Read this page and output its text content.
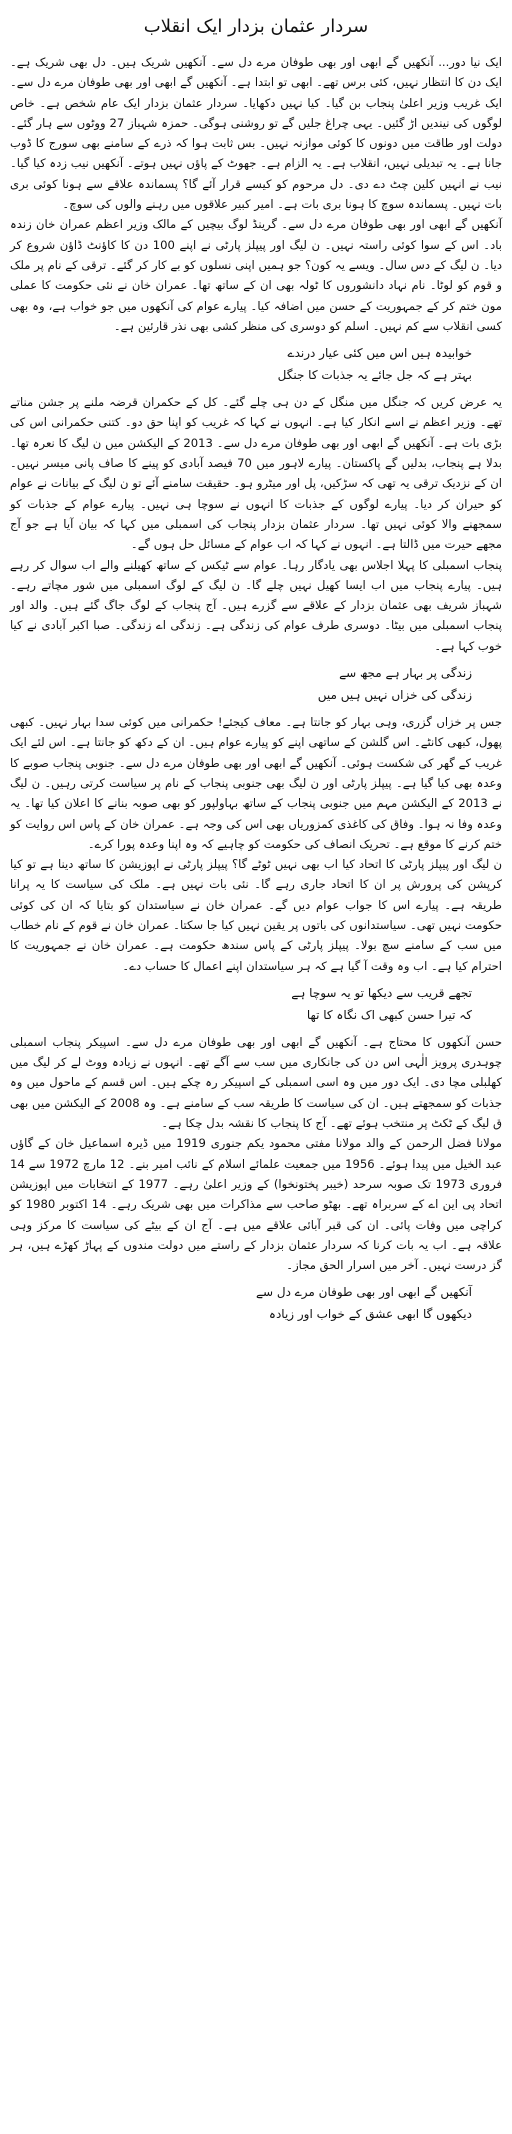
سردار عثمان بزدار ایک انقلاب

ایک نیا دور... آنکھیں گے ابھی اور بھی طوفان مرے دل سے۔ آنکھیں شریک ہیں۔ دل بھی شریک ہے۔ ایک دن کا انتظار نہیں، کئی برس تھے۔ ابھی تو ابتدا ہے۔ آنکھیں گے ابھی اور بھی طوفان مرے دل سے۔ ایک غریب وزیر اعلیٰ پنجاب بن گیا۔ کیا نہیں دکھایا۔ سردار عثمان بزدار ایک عام شخص ہے۔ خاص لوگوں کی نیندیں اڑ گئیں۔ یہی چراغ جلیں گے تو روشنی ہوگی۔ حمزہ شہباز 27 ووٹوں سے ہار گئے۔ دولت اور طاقت میں دونوں کا کوئی موازنہ نہیں۔ بس ثابت ہوا کہ ذرے کے سامنے بھی سورج کا ڈوب جانا ہے۔ یہ تبدیلی نہیں، انقلاب ہے۔ یہ الزام ہے۔ جھوٹ کے پاؤں نہیں ہوتے۔ آنکھیں نیب زدہ کیا گیا۔ نیب نے انہیں کلین چٹ دے دی۔ دل مرحوم کو کیسے قرار آئے گا؟ پسماندہ علاقے سے ہونا کوئی بری بات نہیں۔ پسماندہ سوچ کا ہونا بری بات ہے۔ امیر کبیر علاقوں میں رہنے والوں کی سوچ۔

آنکھیں گے ابھی اور بھی طوفان مرے دل سے۔ گرینڈ لوگ بیچیں کے مالک وزیر اعظم عمران خان زندہ باد۔ اس کے سوا کوئی راستہ نہیں۔ ن لیگ اور پیپلز پارٹی نے اپنے 100 دن کا کاؤنٹ ڈاؤن شروع کر دیا۔ ن لیگ کے دس سال۔ ویسے یہ کون؟ جو ہمیں اپنی نسلوں کو بے کار کر گئے۔ ترقی کے نام پر ملک و قوم کو لوٹا۔ نام نہاد دانشوروں کا ٹولہ بھی ان کے ساتھ تھا۔ عمران خان نے نئی حکومت کا عملی مون ختم کر کے جمہوریت کے حسن میں اضافہ کیا۔ پیارے عوام کی آنکھوں میں جو خواب ہے، وہ بھی کسی انقلاب سے کم نہیں۔ اسلم کو دوسری کی منظر کشی بھی نذر قارئین ہے۔

خوابیدہ ہیں اس میں کئی عیار درندے
بہتر ہے کہ جل جائے یہ جذبات کا جنگل

یہ عرض کریں کہ جنگل میں منگل کے دن ہی چلے گئے۔ کل کے حکمران قرضہ ملنے پر جشن مناتے تھے۔ وزیر اعظم نے اسے انکار کیا ہے۔ انہوں نے کہا کہ غریب کو اپنا حق دو۔ کتنی حکمرانی اس کی بڑی بات ہے۔ آنکھیں گے ابھی اور بھی طوفان مرے دل سے۔ 2013 کے الیکشن میں ن لیگ کا نعرہ تھا۔ بدلا ہے پنجاب، بدلیں گے پاکستان۔ پیارے لاہور میں 70 فیصد آبادی کو پینے کا صاف پانی میسر نہیں۔ ان کے نزدیک ترقی یہ تھی کہ سڑکیں، پل اور میٹرو ہو۔ حقیقت سامنے آئے تو ن لیگ کے بیانات نے عوام کو حیران کر دیا۔ پیارے لوگوں کے جذبات کا انہوں نے سوچا ہی نہیں۔ پیارے عوام کے جذبات کو سمجھنے والا کوئی نہیں تھا۔ سردار عثمان بزدار پنجاب کی اسمبلی میں کہا کہ بیان آیا ہے جو آج مجھے حیرت میں ڈالتا ہے۔ انہوں نے کہا کہ اب عوام کے مسائل حل ہوں گے۔

پنجاب اسمبلی کا پہلا اجلاس بھی یادگار رہا۔ عوام سے ٹیکس کے ساتھ کھیلنے والے اب سوال کر رہے ہیں۔ پیارے پنجاب میں اب ایسا کھیل نہیں چلے گا۔ ن لیگ کے لوگ اسمبلی میں شور مچاتے رہے۔ شہباز شریف بھی عثمان بزدار کے علاقے سے گزرے ہیں۔ آج پنجاب کے لوگ جاگ گئے ہیں۔ والد اور پنجاب اسمبلی میں بیٹا۔ دوسری طرف عوام کی زندگی ہے۔ زندگی اے زندگی۔ صبا اکبر آبادی نے کیا خوب کہا ہے۔

زندگی پر بہار ہے مجھ سے
زندگی کی خزاں نہیں ہیں میں

جس پر خزاں گزری، وہی بہار کو جانتا ہے۔ معاف کیجئے! حکمرانی میں کوئی سدا بہار نہیں۔ کبھی پھول، کبھی کانٹے۔ اس گلشن کے ساتھی اپنے کو پیارے عوام ہیں۔ ان کے دکھ کو جانتا ہے۔ اس لئے ایک غریب کے گھر کی شکست ہوئی۔ آنکھیں گے ابھی اور بھی طوفان مرے دل سے۔ جنوبی پنجاب صوبے کا وعدہ بھی کیا گیا ہے۔ پیپلز پارٹی اور ن لیگ بھی جنوبی پنجاب کے نام پر سیاست کرتی رہیں۔ ن لیگ نے 2013 کے الیکشن مہم میں جنوبی پنجاب کے ساتھ بہاولپور کو بھی صوبہ بنانے کا اعلان کیا تھا۔ یہ وعدہ وفا نہ ہوا۔ وفاق کی کاغذی کمزوریاں بھی اس کی وجہ ہے۔ عمران خان کے پاس اس روایت کو ختم کرنے کا موقع ہے۔ تحریک انصاف کی حکومت کو چاہیے کہ وہ اپنا وعدہ پورا کرے۔

ن لیگ اور پیپلز پارٹی کا اتحاد کیا اب بھی نہیں ٹوٹے گا؟ پیپلز پارٹی نے اپوزیشن کا ساتھ دینا ہے تو کیا کرپشن کی پرورش پر ان کا اتحاد جاری رہے گا۔ نئی بات نہیں ہے۔ ملک کی سیاست کا یہ پرانا طریقہ ہے۔ پیارے اس کا جواب عوام دیں گے۔ عمران خان نے سیاستدان کو بتایا کہ ان کی کوئی حکومت نہیں تھی۔ سیاستدانوں کی باتوں پر یقین نہیں کیا جا سکتا۔ عمران خان نے قوم کے نام خطاب میں سب کے سامنے سچ بولا۔ پیپلز پارٹی کے پاس سندھ حکومت ہے۔ عمران خان نے جمہوریت کا احترام کیا ہے۔ اب وہ وقت آ گیا ہے کہ ہر سیاستدان اپنے اعمال کا حساب دے۔

تجھے قریب سے دیکھا تو یہ سوچا ہے
کہ تیرا حسن کبھی اک نگاہ کا تھا

حسن آنکھوں کا محتاج ہے۔ آنکھیں گے ابھی اور بھی طوفان مرے دل سے۔ اسپیکر پنجاب اسمبلی چوہدری پرویز الٰہی اس دن کی جانکاری میں سب سے آگے تھے۔ انہوں نے زیادہ ووٹ لے کر لیگ میں کھلبلی مچا دی۔ ایک دور میں وہ اسی اسمبلی کے اسپیکر رہ چکے ہیں۔ اس قسم کے ماحول میں وہ جذبات کو سمجھتے ہیں۔ ان کی سیاست کا طریقہ سب کے سامنے ہے۔ وہ 2008 کے الیکشن میں بھی ق لیگ کے ٹکٹ پر منتخب ہوئے تھے۔ آج کا پنجاب کا نقشہ بدل چکا ہے۔

مولانا فضل الرحمن کے والد مولانا مفتی محمود یکم جنوری 1919 میں ڈیرہ اسماعیل خان کے گاؤں عبد الخیل میں پیدا ہوئے۔ 1956 میں جمعیت علمائے اسلام کے نائب امیر بنے۔ 12 مارچ 1972 سے 14 فروری 1973 تک صوبہ سرحد (خیبر پختونخوا) کے وزیر اعلیٰ رہے۔ 1977 کے انتخابات میں اپوزیشن اتحاد پی این اے کے سربراہ تھے۔ بھٹو صاحب سے مذاکرات میں بھی شریک رہے۔ 14 اکتوبر 1980 کو کراچی میں وفات پائی۔ ان کی قبر آبائی علاقے میں ہے۔ آج ان کے بیٹے کی سیاست کا مرکز وہی علاقہ ہے۔ اب یہ بات کرنا کہ سردار عثمان بزدار کے راستے میں دولت مندوں کے پہاڑ کھڑے ہیں، ہر گز درست نہیں۔ آخر میں اسرار الحق مجاز۔

آنکھیں گے ابھی اور بھی طوفان مرے دل سے
دیکھوں گا ابھی عشق کے خواب اور زیادہ
